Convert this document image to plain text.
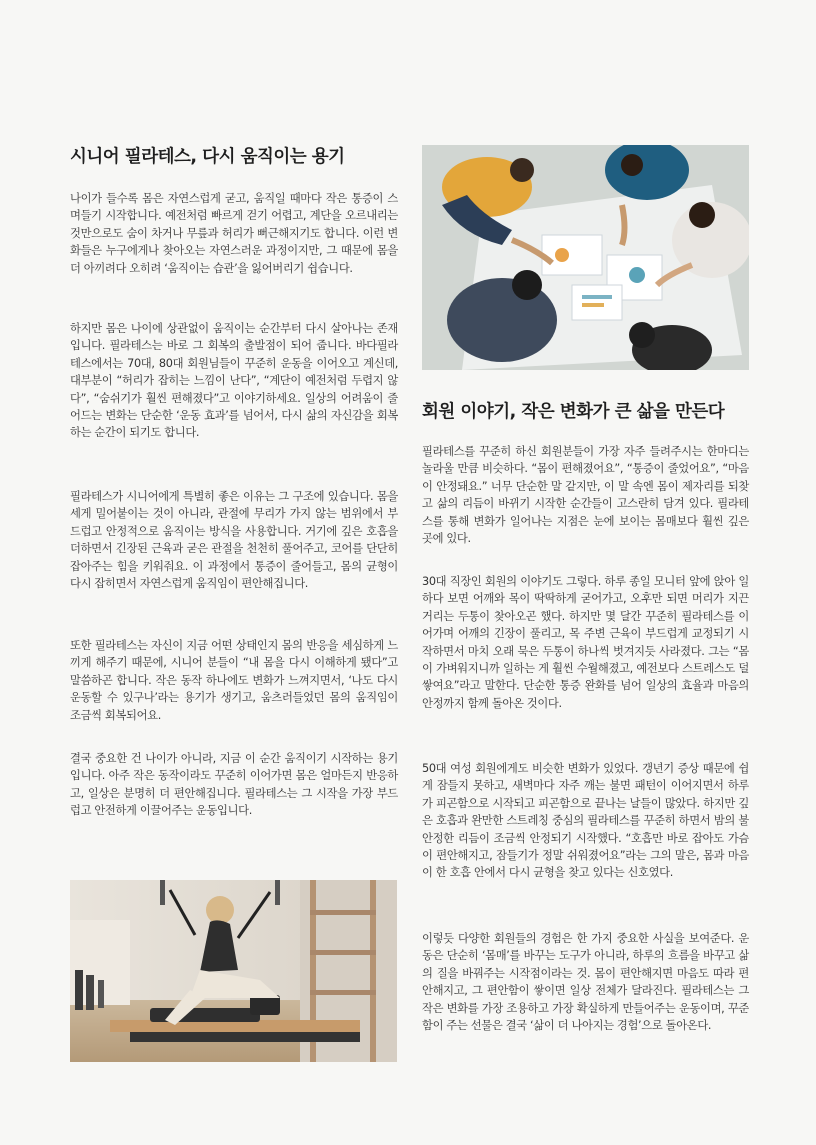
시니어 필라테스, 다시 움직이는 용기

나이가 들수록 몸은 자연스럽게 굳고, 움직일 때마다 작은 통증이 스며들기 시작합니다. 예전처럼 빠르게 걷기 어렵고, 계단을 오르내리는 것만으로도 숨이 차거나 무릎과 허리가 뻐근해지기도 합니다. 이런 변화들은 누구에게나 찾아오는 자연스러운 과정이지만, 그 때문에 몸을 더 아끼려다 오히려 ‘움직이는 습관’을 잃어버리기 쉽습니다.

하지만 몸은 나이에 상관없이 움직이는 순간부터 다시 살아나는 존재입니다. 필라테스는 바로 그 회복의 출발점이 되어 줍니다. 바다필라테스에서는 70대, 80대 회원님들이 꾸준히 운동을 이어오고 계신데, 대부분이 “허리가 잡히는 느낌이 난다”, “계단이 예전처럼 두렵지 않다”, “숨쉬기가 훨씬 편해졌다”고 이야기하세요. 일상의 어려움이 줄어드는 변화는 단순한 ‘운동 효과’를 넘어서, 다시 삶의 자신감을 회복하는 순간이 되기도 합니다.

필라테스가 시니어에게 특별히 좋은 이유는 그 구조에 있습니다. 몸을 세게 밀어붙이는 것이 아니라, 관절에 무리가 가지 않는 범위에서 부드럽고 안정적으로 움직이는 방식을 사용합니다. 거기에 깊은 호흡을 더하면서 긴장된 근육과 굳은 관절을 천천히 풀어주고, 코어를 단단히 잡아주는 힘을 키워줘요. 이 과정에서 통증이 줄어들고, 몸의 균형이 다시 잡히면서 자연스럽게 움직임이 편안해집니다.

또한 필라테스는 자신이 지금 어떤 상태인지 몸의 반응을 세심하게 느끼게 해주기 때문에, 시니어 분들이 “내 몸을 다시 이해하게 됐다”고 말씀하곤 합니다. 작은 동작 하나에도 변화가 느껴지면서, ‘나도 다시 운동할 수 있구나’라는 용기가 생기고, 움츠러들었던 몸의 움직임이 조금씩 회복되어요.

결국 중요한 건 나이가 아니라, 지금 이 순간 움직이기 시작하는 용기입니다. 아주 작은 동작이라도 꾸준히 이어가면 몸은 얼마든지 반응하고, 일상은 분명히 더 편안해집니다. 필라테스는 그 시작을 가장 부드럽고 안전하게 이끌어주는 운동입니다.

회원 이야기, 작은 변화가 큰 삶을 만든다

필라테스를 꾸준히 하신 회원분들이 가장 자주 들려주시는 한마디는 놀라울 만큼 비슷하다. “몸이 편해졌어요”, “통증이 줄었어요”, “마음이 안정돼요.” 너무 단순한 말 같지만, 이 말 속엔 몸이 제자리를 되찾고 삶의 리듬이 바뀌기 시작한 순간들이 고스란히 담겨 있다. 필라테스를 통해 변화가 일어나는 지점은 눈에 보이는 몸매보다 훨씬 깊은 곳에 있다.

30대 직장인 회원의 이야기도 그렇다. 하루 종일 모니터 앞에 앉아 일하다 보면 어깨와 목이 딱딱하게 굳어가고, 오후만 되면 머리가 지끈거리는 두통이 찾아오곤 했다. 하지만 몇 달간 꾸준히 필라테스를 이어가며 어깨의 긴장이 풀리고, 목 주변 근육이 부드럽게 교정되기 시작하면서 마치 오래 묵은 두통이 하나씩 벗겨지듯 사라졌다. 그는 “몸이 가벼워지니까 일하는 게 훨씬 수월해졌고, 예전보다 스트레스도 덜 쌓여요”라고 말한다. 단순한 통증 완화를 넘어 일상의 효율과 마음의 안정까지 함께 돌아온 것이다.

50대 여성 회원에게도 비슷한 변화가 있었다. 갱년기 증상 때문에 쉽게 잠들지 못하고, 새벽마다 자주 깨는 불면 패턴이 이어지면서 하루가 피곤함으로 시작되고 피곤함으로 끝나는 날들이 많았다. 하지만 깊은 호흡과 완만한 스트레칭 중심의 필라테스를 꾸준히 하면서 밤의 불안정한 리듬이 조금씩 안정되기 시작했다. “호흡만 바로 잡아도 가슴이 편안해지고, 잠들기가 정말 쉬워졌어요”라는 그의 말은, 몸과 마음이 한 호흡 안에서 다시 균형을 찾고 있다는 신호였다.

이렇듯 다양한 회원들의 경험은 한 가지 중요한 사실을 보여준다. 운동은 단순히 ‘몸매’를 바꾸는 도구가 아니라, 하루의 흐름을 바꾸고 삶의 질을 바꿔주는 시작점이라는 것. 몸이 편안해지면 마음도 따라 편안해지고, 그 편안함이 쌓이면 일상 전체가 달라진다. 필라테스는 그 작은 변화를 가장 조용하고 가장 확실하게 만들어주는 운동이며, 꾸준함이 주는 선물은 결국 ‘삶이 더 나아지는 경험’으로 돌아온다.
